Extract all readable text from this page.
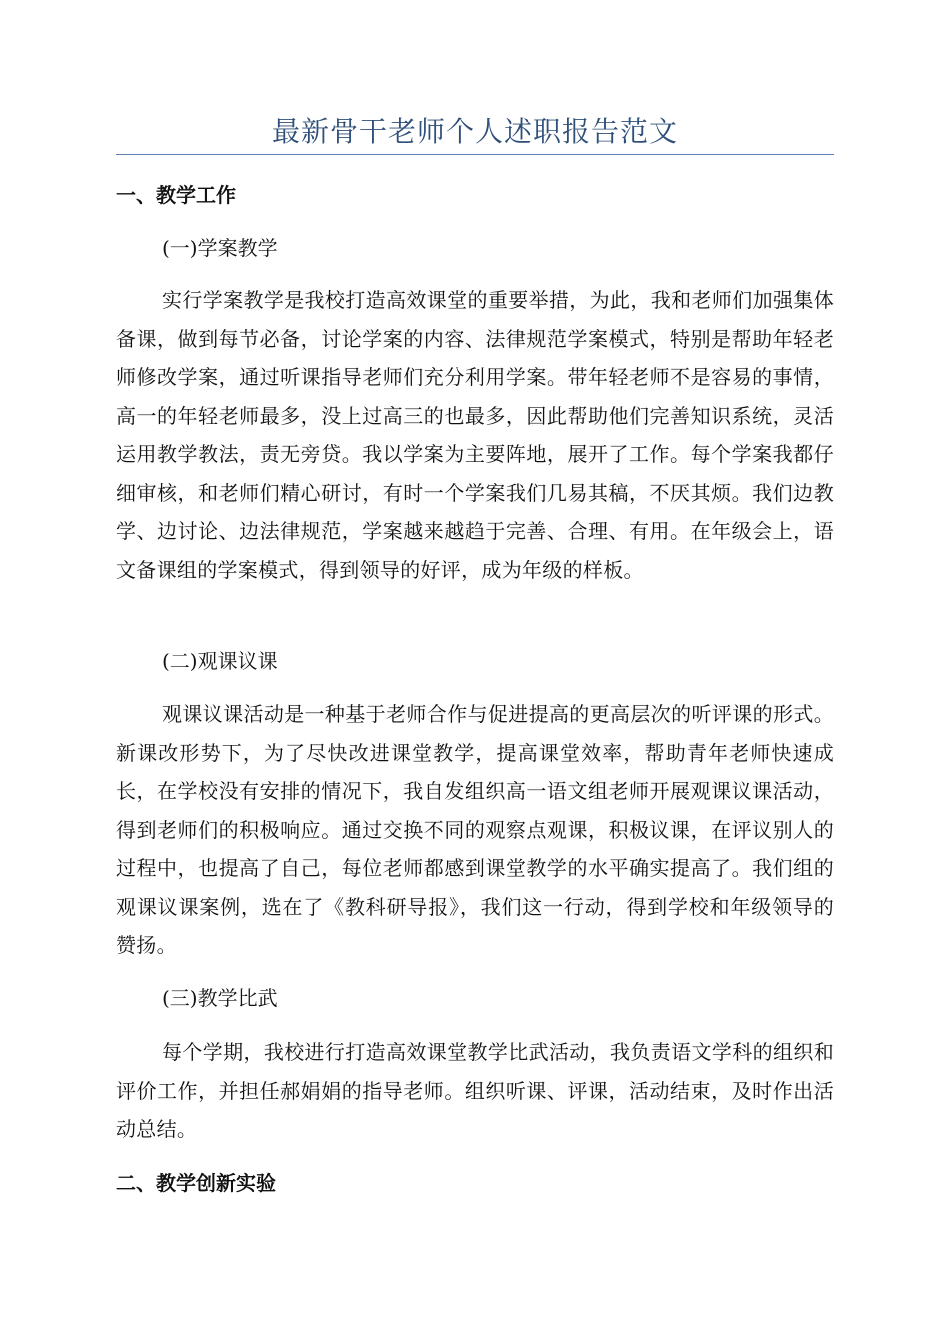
最新骨干老师个人述职报告范文
一、教学工作
(一)学案教学
实行学案教学是我校打造高效课堂的重要举措，为此，我和老师们加强集体备课，做到每节必备，讨论学案的内容、法律规范学案模式，特别是帮助年轻老师修改学案，通过听课指导老师们充分利用学案。带年轻老师不是容易的事情，高一的年轻老师最多，没上过高三的也最多，因此帮助他们完善知识系统，灵活运用教学教法，责无旁贷。我以学案为主要阵地，展开了工作。每个学案我都仔细审核，和老师们精心研讨，有时一个学案我们几易其稿，不厌其烦。我们边教学、边讨论、边法律规范，学案越来越趋于完善、合理、有用。在年级会上，语文备课组的学案模式，得到领导的好评，成为年级的样板。
(二)观课议课
观课议课活动是一种基于老师合作与促进提高的更高层次的听评课的形式。新课改形势下，为了尽快改进课堂教学，提高课堂效率，帮助青年老师快速成长，在学校没有安排的情况下，我自发组织高一语文组老师开展观课议课活动，得到老师们的积极响应。通过交换不同的观察点观课，积极议课，在评议别人的过程中，也提高了自己，每位老师都感到课堂教学的水平确实提高了。我们组的观课议课案例，选在了《教科研导报》，我们这一行动，得到学校和年级领导的赞扬。
(三)教学比武
每个学期，我校进行打造高效课堂教学比武活动，我负责语文学科的组织和评价工作，并担任郝娟娟的指导老师。组织听课、评课，活动结束，及时作出活动总结。
二、教学创新实验
